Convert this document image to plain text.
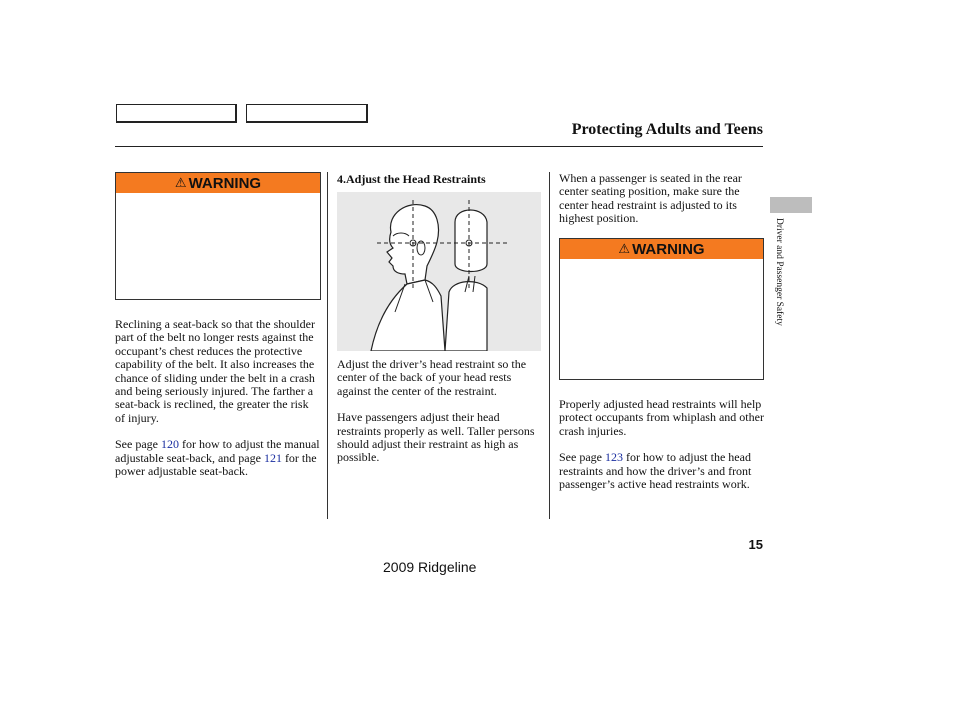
Protecting Adults and Teens
⚠ WARNING

Reclining a seat-back so that the shoulder part of the belt no longer rests against the occupant’s chest reduces the protective capability of the belt. It also increases the chance of sliding under the belt in a crash and being seriously injured. The farther a seat-back is reclined, the greater the risk of injury.

See page 120 for how to adjust the manual adjustable seat-back, and page 121 for the power adjustable seat-back.

4.Adjust the Head Restraints

Adjust the driver’s head restraint so the center of the back of your head rests against the center of the restraint.

Have passengers adjust their head restraints properly as well. Taller persons should adjust their restraint as high as possible.

When a passenger is seated in the rear center seating position, make sure the center head restraint is adjusted to its highest position.

⚠ WARNING

Properly adjusted head restraints will help protect occupants from whiplash and other crash injuries.

See page 123 for how to adjust the head restraints and how the driver’s and front passenger’s active head restraints work.

Driver and Passenger Safety
15
2009 Ridgeline
